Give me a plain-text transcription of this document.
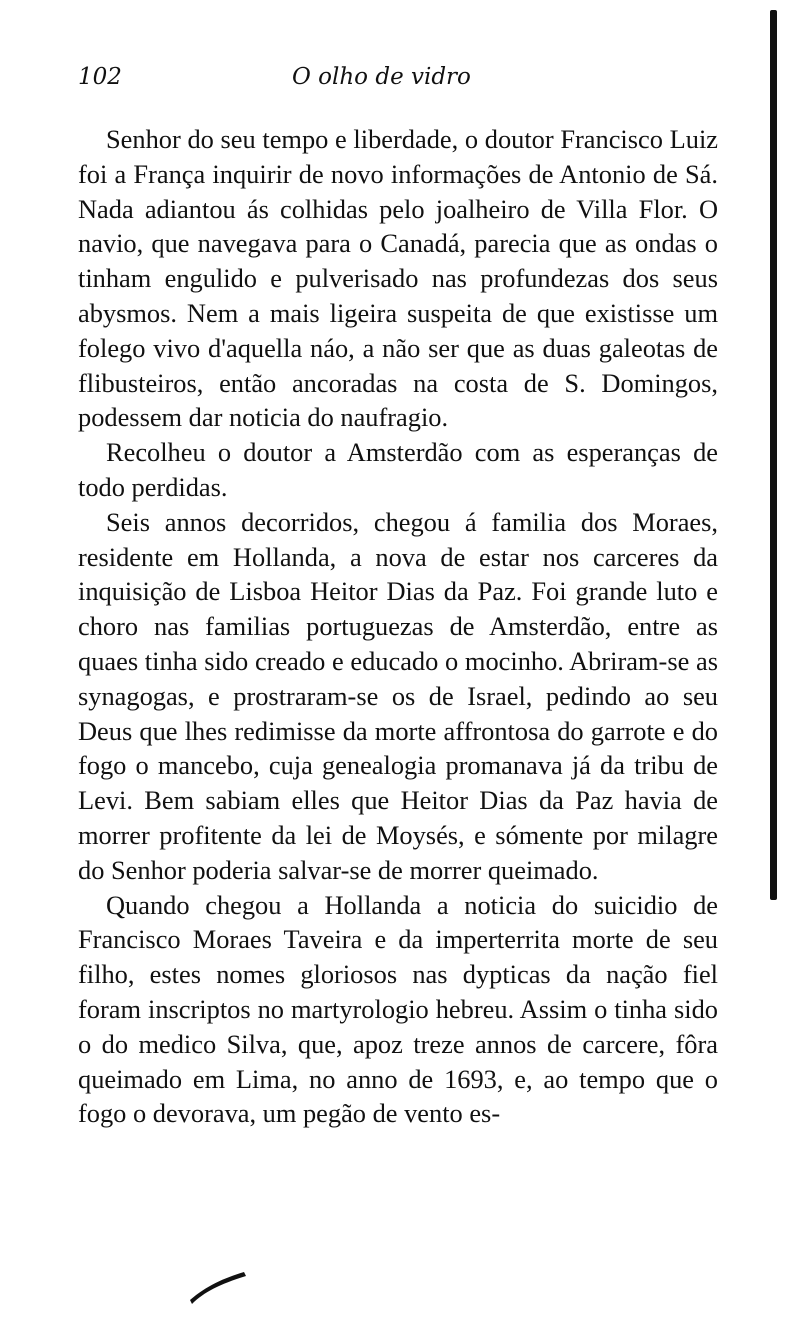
102	O olho de vidro

Senhor do seu tempo e liberdade, o doutor Francisco Luiz foi a França inquirir de novo informações de Antonio de Sá. Nada adiantou ás colhidas pelo joalheiro de Villa Flor. O navio, que navegava para o Canadá, parecia que as ondas o tinham engulido e pulverisado nas profundezas dos seus abysmos. Nem a mais ligeira suspeita de que existisse um folego vivo d'aquella náo, a não ser que as duas galeotas de flibusteiros, então ancoradas na costa de S. Domingos, podessem dar noticia do naufragio.

Recolheu o doutor a Amsterdão com as esperanças de todo perdidas.

Seis annos decorridos, chegou á familia dos Moraes, residente em Hollanda, a nova de estar nos carceres da inquisição de Lisboa Heitor Dias da Paz. Foi grande luto e choro nas familias portuguezas de Amsterdão, entre as quaes tinha sido creado e educado o mocinho. Abriram-se as synagogas, e prostraram-se os de Israel, pedindo ao seu Deus que lhes redimisse da morte affrontosa do garrote e do fogo o mancebo, cuja genealogia promanava já da tribu de Levi. Bem sabiam elles que Heitor Dias da Paz havia de morrer profitente da lei de Moysés, e sómente por milagre do Senhor poderia salvar-se de morrer queimado.

Quando chegou a Hollanda a noticia do suicidio de Francisco Moraes Taveira e da imperterrita morte de seu filho, estes nomes gloriosos nas dypticas da nação fiel foram inscriptos no martyrologio hebreu. Assim o tinha sido o do medico Silva, que, apoz treze annos de carcere, fôra queimado em Lima, no anno de 1693, e, ao tempo que o fogo o devorava, um pegão de vento es-
